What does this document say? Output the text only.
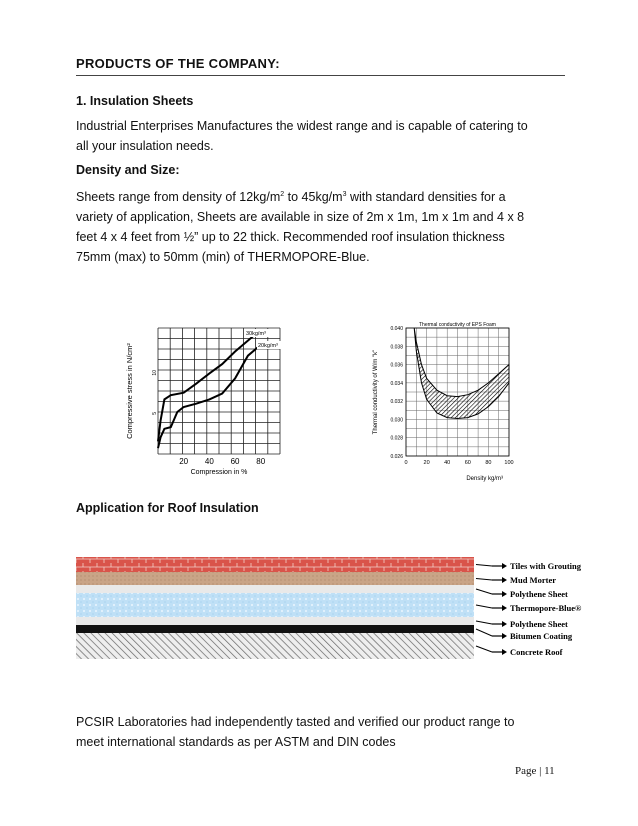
PRODUCTS OF THE COMPANY:
1. Insulation Sheets
Industrial Enterprises Manufactures the widest range and is capable of catering to
all your insulation needs.
Density and Size:
Sheets range from density of $12kg/m^2$ to $45kg/m^3$ with standard densities for a
variety of application, Sheets are available in size of 2m x 1m, 1m x 1m and 4 x 8
feet 4 x 4 feet from ½” up to 22 thick. Recommended roof insulation thickness
75mm (max) to 50mm (min) of THERMOPORE-Blue.
30kg/m³
20kg/m³
20 40 60 80
5
10
Compression in %
Compressive stress in N/cm²
Thermal conductivity of EPS Foam
0	20	40	60	80 100
0.026
0.028
0.030
0.032
0.034
0.036
0.038
0.040
Density kg/m³
Thermal conductivity of W/m "k"
Application for Roof Insulation
Tiles with Grouting
Mud Morter
Polythene Sheet
Thermopore-Blue®
Polythene Sheet
Bitumen Coating
Concrete Roof
PCSIR Laboratories had independently tasted and verified our product range to
meet international standards as per ASTM and DIN codes
Page | 11
